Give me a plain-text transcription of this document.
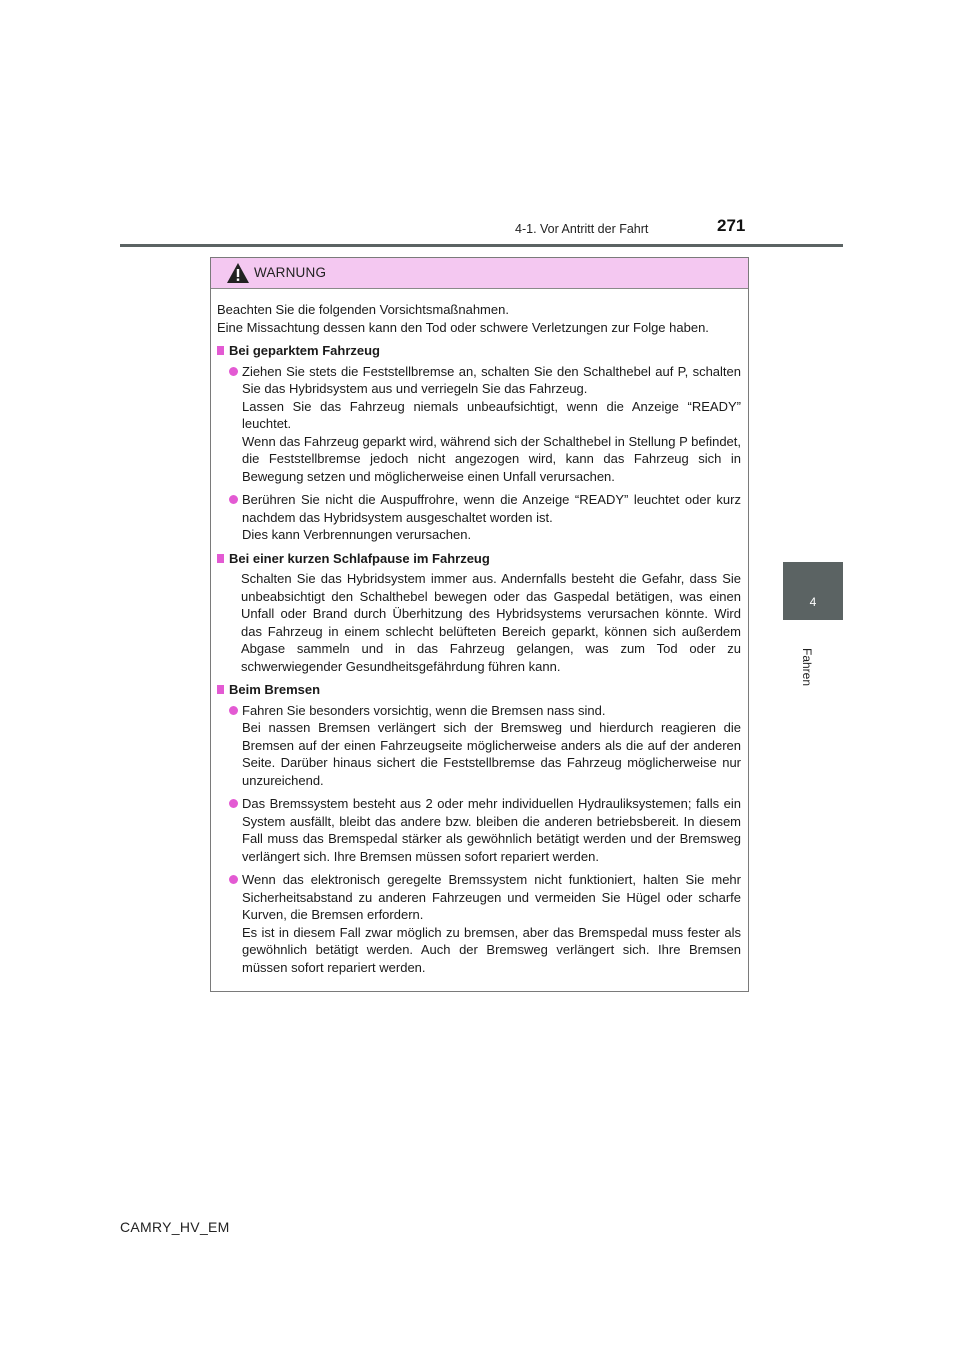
4-1. Vor Antritt der Fahrt	271
4
Fahren
WARNUNG

Beachten Sie die folgenden Vorsichtsmaßnahmen.

Eine Missachtung dessen kann den Tod oder schwere Verletzungen zur Folge haben.

Bei geparktem Fahrzeug

Ziehen Sie stets die Feststellbremse an, schalten Sie den Schalthebel auf P, schalten Sie das Hybridsystem aus und verriegeln Sie das Fahrzeug.

Lassen Sie das Fahrzeug niemals unbeaufsichtigt, wenn die Anzeige “READY” leuchtet.

Wenn das Fahrzeug geparkt wird, während sich der Schalthebel in Stellung P befindet, die Feststellbremse jedoch nicht angezogen wird, kann das Fahrzeug sich in Bewegung setzen und möglicherweise einen Unfall verursachen.

Berühren Sie nicht die Auspuffrohre, wenn die Anzeige “READY” leuchtet oder kurz nachdem das Hybridsystem ausgeschaltet worden ist.

Dies kann Verbrennungen verursachen.

Bei einer kurzen Schlafpause im Fahrzeug

Schalten Sie das Hybridsystem immer aus. Andernfalls besteht die Gefahr, dass Sie unbeabsichtigt den Schalthebel bewegen oder das Gaspedal betätigen, was einen Unfall oder Brand durch Überhitzung des Hybridsystems verursachen könnte. Wird das Fahrzeug in einem schlecht belüfteten Bereich geparkt, können sich außerdem Abgase sammeln und in das Fahrzeug gelangen, was zum Tod oder zu schwerwiegender Gesundheitsgefährdung führen kann.

Beim Bremsen

Fahren Sie besonders vorsichtig, wenn die Bremsen nass sind.

Bei nassen Bremsen verlängert sich der Bremsweg und hierdurch reagieren die Bremsen auf der einen Fahrzeugseite möglicherweise anders als die auf der anderen Seite. Darüber hinaus sichert die Feststellbremse das Fahrzeug möglicherweise nur unzureichend.

Das Bremssystem besteht aus 2 oder mehr individuellen Hydrauliksystemen; falls ein System ausfällt, bleibt das andere bzw. bleiben die anderen betriebsbereit. In diesem Fall muss das Bremspedal stärker als gewöhnlich betätigt werden und der Bremsweg verlängert sich. Ihre Bremsen müssen sofort repariert werden.

Wenn das elektronisch geregelte Bremssystem nicht funktioniert, halten Sie mehr Sicherheitsabstand zu anderen Fahrzeugen und vermeiden Sie Hügel oder scharfe Kurven, die Bremsen erfordern.

Es ist in diesem Fall zwar möglich zu bremsen, aber das Bremspedal muss fester als gewöhnlich betätigt werden. Auch der Bremsweg verlängert sich. Ihre Bremsen müssen sofort repariert werden.

CAMRY_HV_EM
